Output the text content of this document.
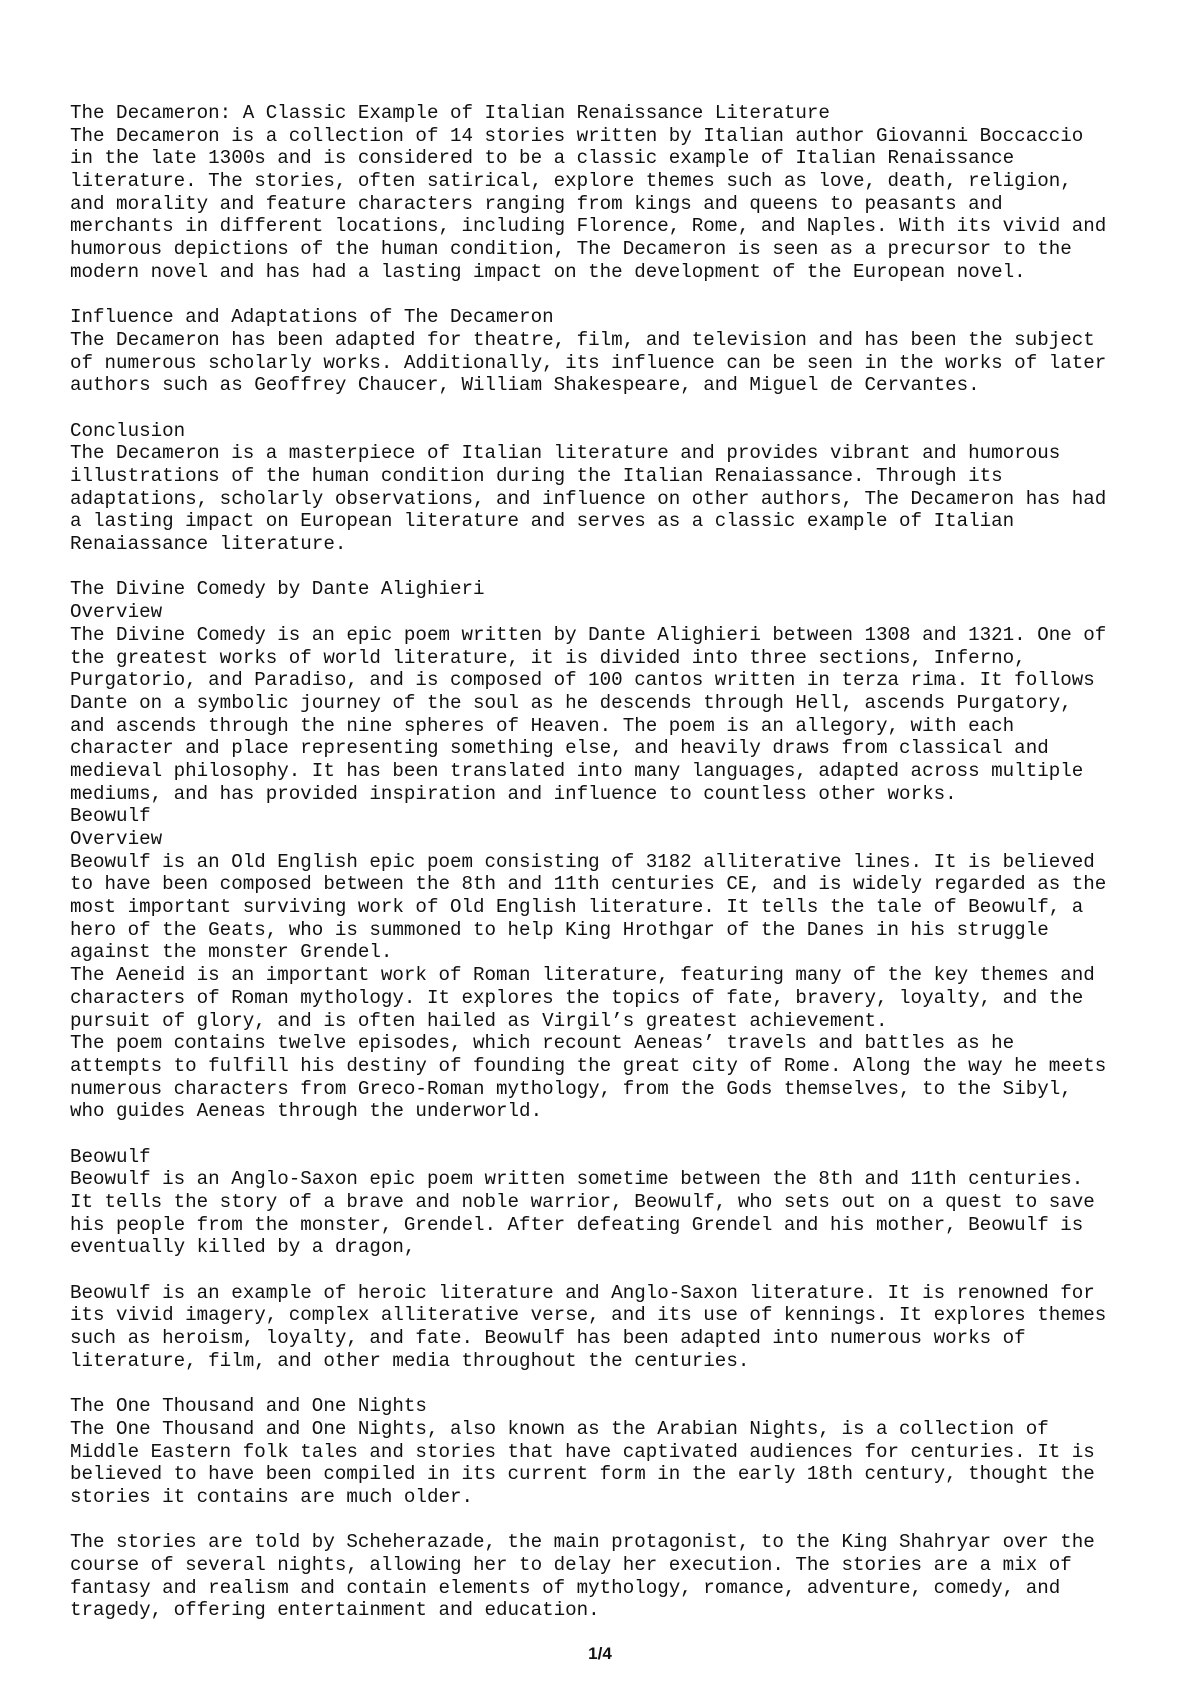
The Decameron: A Classic Example of Italian Renaissance Literature
The Decameron is a collection of 14 stories written by Italian author Giovanni Boccaccio
in the late 1300s and is considered to be a classic example of Italian Renaissance
literature. The stories, often satirical, explore themes such as love, death, religion,
and morality and feature characters ranging from kings and queens to peasants and
merchants in different locations, including Florence, Rome, and Naples. With its vivid and
humorous depictions of the human condition, The Decameron is seen as a precursor to the
modern novel and has had a lasting impact on the development of the European novel.
Influence and Adaptations of The Decameron
The Decameron has been adapted for theatre, film, and television and has been the subject
of numerous scholarly works. Additionally, its influence can be seen in the works of later
authors such as Geoffrey Chaucer, William Shakespeare, and Miguel de Cervantes.
Conclusion
The Decameron is a masterpiece of Italian literature and provides vibrant and humorous
illustrations of the human condition during the Italian Renaiassance. Through its
adaptations, scholarly observations, and influence on other authors, The Decameron has had
a lasting impact on European literature and serves as a classic example of Italian
Renaiassance literature.
The Divine Comedy by Dante Alighieri
Overview
The Divine Comedy is an epic poem written by Dante Alighieri between 1308 and 1321. One of
the greatest works of world literature, it is divided into three sections, Inferno,
Purgatorio, and Paradiso, and is composed of 100 cantos written in terza rima. It follows
Dante on a symbolic journey of the soul as he descends through Hell, ascends Purgatory,
and ascends through the nine spheres of Heaven. The poem is an allegory, with each
character and place representing something else, and heavily draws from classical and
medieval philosophy. It has been translated into many languages, adapted across multiple
mediums, and has provided inspiration and influence to countless other works.
Beowulf
Overview
Beowulf is an Old English epic poem consisting of 3182 alliterative lines. It is believed
to have been composed between the 8th and 11th centuries CE, and is widely regarded as the
most important surviving work of Old English literature. It tells the tale of Beowulf, a
hero of the Geats, who is summoned to help King Hrothgar of the Danes in his struggle
against the monster Grendel.
The Aeneid is an important work of Roman literature, featuring many of the key themes and
characters of Roman mythology. It explores the topics of fate, bravery, loyalty, and the
pursuit of glory, and is often hailed as Virgil’s greatest achievement.
The poem contains twelve episodes, which recount Aeneas’ travels and battles as he
attempts to fulfill his destiny of founding the great city of Rome. Along the way he meets
numerous characters from Greco-Roman mythology, from the Gods themselves, to the Sibyl,
who guides Aeneas through the underworld.
Beowulf
Beowulf is an Anglo-Saxon epic poem written sometime between the 8th and 11th centuries.
It tells the story of a brave and noble warrior, Beowulf, who sets out on a quest to save
his people from the monster, Grendel. After defeating Grendel and his mother, Beowulf is
eventually killed by a dragon,
Beowulf is an example of heroic literature and Anglo-Saxon literature. It is renowned for
its vivid imagery, complex alliterative verse, and its use of kennings. It explores themes
such as heroism, loyalty, and fate. Beowulf has been adapted into numerous works of
literature, film, and other media throughout the centuries.
The One Thousand and One Nights
The One Thousand and One Nights, also known as the Arabian Nights, is a collection of
Middle Eastern folk tales and stories that have captivated audiences for centuries. It is
believed to have been compiled in its current form in the early 18th century, thought the
stories it contains are much older.
The stories are told by Scheherazade, the main protagonist, to the King Shahryar over the
course of several nights, allowing her to delay her execution. The stories are a mix of
fantasy and realism and contain elements of mythology, romance, adventure, comedy, and
tragedy, offering entertainment and education.
1/4
